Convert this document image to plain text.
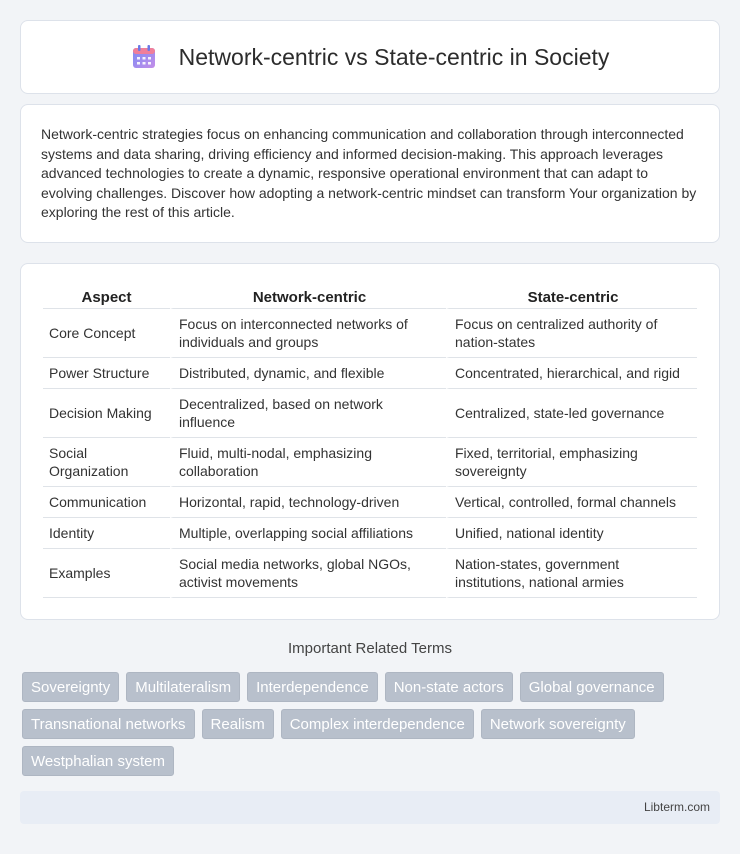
Network-centric vs State-centric in Society

Network-centric strategies focus on enhancing communication and collaboration through interconnected systems and data sharing, driving efficiency and informed decision-making. This approach leverages advanced technologies to create a dynamic, responsive operational environment that can adapt to evolving challenges. Discover how adopting a network-centric mindset can transform Your organization by exploring the rest of this article.

Aspect	Network-centric	State-centric
Core Concept	Focus on interconnected networks of individuals and groups	Focus on centralized authority of nation-states
Power Structure	Distributed, dynamic, and flexible	Concentrated, hierarchical, and rigid
Decision Making	Decentralized, based on network influence	Centralized, state-led governance
Social Organization	Fluid, multi-nodal, emphasizing collaboration	Fixed, territorial, emphasizing sovereignty
Communication	Horizontal, rapid, technology-driven	Vertical, controlled, formal channels
Identity	Multiple, overlapping social affiliations	Unified, national identity
Examples	Social media networks, global NGOs, activist movements	Nation-states, government institutions, national armies
Important Related Terms
Sovereignty	Multilateralism	Interdependence	Non-state actors	Global governance
Transnational networks	Realism	Complex interdependence	Network sovereignty
Westphalian system
Libterm.com
